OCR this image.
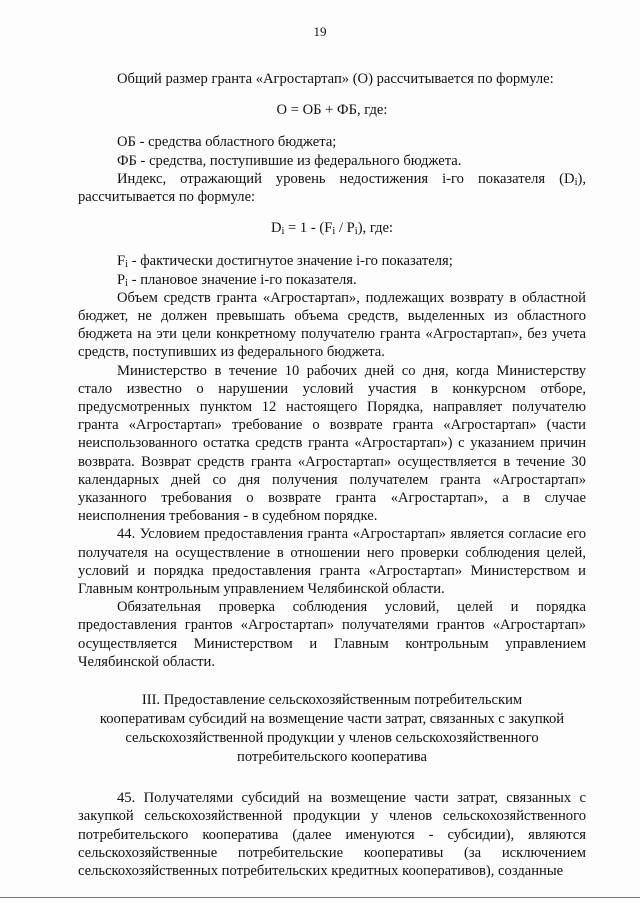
19

Общий размер гранта «Агростартап» (О) рассчитывается по формуле:

О = ОБ + ФБ, где:

ОБ - средства областного бюджета;

ФБ - средства, поступившие из федерального бюджета.

Индекс, отражающий уровень недостижения i-го показателя (Di), рассчитывается по формуле:

Di = 1 - (Fi / Pi), где:

Fi - фактически достигнутое значение i-го показателя;

Pi - плановое значение i-го показателя.

Объем средств гранта «Агростартап», подлежащих возврату в областной бюджет, не должен превышать объема средств, выделенных из областного бюджета на эти цели конкретному получателю гранта «Агростартап», без учета средств, поступивших из федерального бюджета.

Министерство в течение 10 рабочих дней со дня, когда Министерству стало известно о нарушении условий участия в конкурсном отборе, предусмотренных пунктом 12 настоящего Порядка, направляет получателю гранта «Агростартап» требование о возврате гранта «Агростартап» (части неиспользованного остатка средств гранта «Агростартап») с указанием причин возврата. Возврат средств гранта «Агростартап» осуществляется в течение 30 календарных дней со дня получения получателем гранта «Агростартап» указанного требования о возврате гранта «Агростартап», а в случае неисполнения требования - в судебном порядке.

44. Условием предоставления гранта «Агростартап» является согласие его получателя на осуществление в отношении него проверки соблюдения целей, условий и порядка предоставления гранта «Агростартап» Министерством и Главным контрольным управлением Челябинской области.

Обязательная проверка соблюдения условий, целей и порядка предоставления грантов «Агростартап» получателями грантов «Агростартап» осуществляется Министерством и Главным контрольным управлением Челябинской области.

III. Предоставление сельскохозяйственным потребительским
кооперативам субсидий на возмещение части затрат, связанных с закупкой
сельскохозяйственной продукции у членов сельскохозяйственного
потребительского кооператива

45. Получателями субсидий на возмещение части затрат, связанных с закупкой сельскохозяйственной продукции у членов сельскохозяйственного потребительского кооператива (далее именуются - субсидии), являются сельскохозяйственные потребительские кооперативы (за исключением сельскохозяйственных потребительских кредитных кооперативов), созданные
